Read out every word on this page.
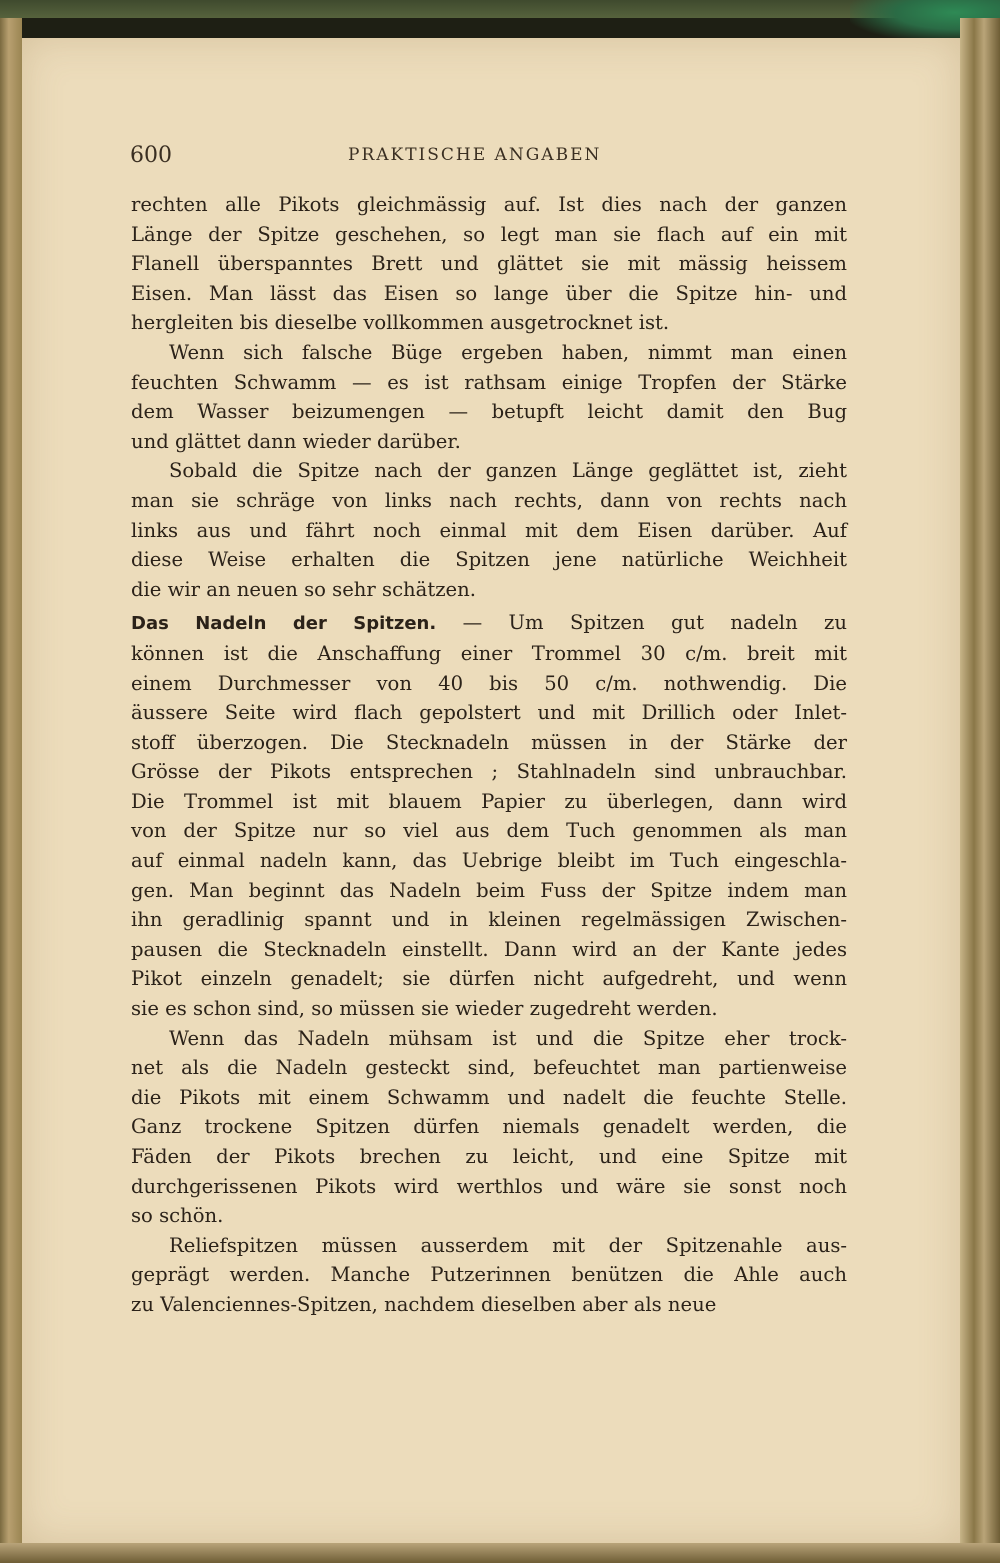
600	PRAKTISCHE ANGABEN
rechten alle Pikots gleichmässig auf. Ist dies nach der ganzen
Länge der Spitze geschehen, so legt man sie flach auf ein mit
Flanell überspanntes Brett und glättet sie mit mässig heissem
Eisen. Man lässt das Eisen so lange über die Spitze hin- und
hergleiten bis dieselbe vollkommen ausgetrocknet ist.
Wenn sich falsche Büge ergeben haben, nimmt man einen
feuchten Schwamm — es ist rathsam einige Tropfen der Stärke
dem Wasser beizumengen — betupft leicht damit den Bug
und glättet dann wieder darüber.
Sobald die Spitze nach der ganzen Länge geglättet ist, zieht
man sie schräge von links nach rechts, dann von rechts nach
links aus und fährt noch einmal mit dem Eisen darüber. Auf
diese Weise erhalten die Spitzen jene natürliche Weichheit
die wir an neuen so sehr schätzen.
Das Nadeln der Spitzen. — Um Spitzen gut nadeln zu
können ist die Anschaffung einer Trommel 30 c/m. breit mit
einem Durchmesser von 40 bis 50 c/m. nothwendig. Die
äussere Seite wird flach gepolstert und mit Drillich oder Inlet-
stoff überzogen. Die Stecknadeln müssen in der Stärke der
Grösse der Pikots entsprechen ; Stahlnadeln sind unbrauchbar.
Die Trommel ist mit blauem Papier zu überlegen, dann wird
von der Spitze nur so viel aus dem Tuch genommen als man
auf einmal nadeln kann, das Uebrige bleibt im Tuch eingeschla-
gen. Man beginnt das Nadeln beim Fuss der Spitze indem man
ihn geradlinig spannt und in kleinen regelmässigen Zwischen-
pausen die Stecknadeln einstellt. Dann wird an der Kante jedes
Pikot einzeln genadelt; sie dürfen nicht aufgedreht, und wenn
sie es schon sind, so müssen sie wieder zugedreht werden.
Wenn das Nadeln mühsam ist und die Spitze eher trock-
net als die Nadeln gesteckt sind, befeuchtet man partienweise
die Pikots mit einem Schwamm und nadelt die feuchte Stelle.
Ganz trockene Spitzen dürfen niemals genadelt werden, die
Fäden der Pikots brechen zu leicht, und eine Spitze mit
durchgerissenen Pikots wird werthlos und wäre sie sonst noch
so schön.
Reliefspitzen müssen ausserdem mit der Spitzenahle aus-
geprägt werden. Manche Putzerinnen benützen die Ahle auch
zu Valenciennes-Spitzen, nachdem dieselben aber als neue
